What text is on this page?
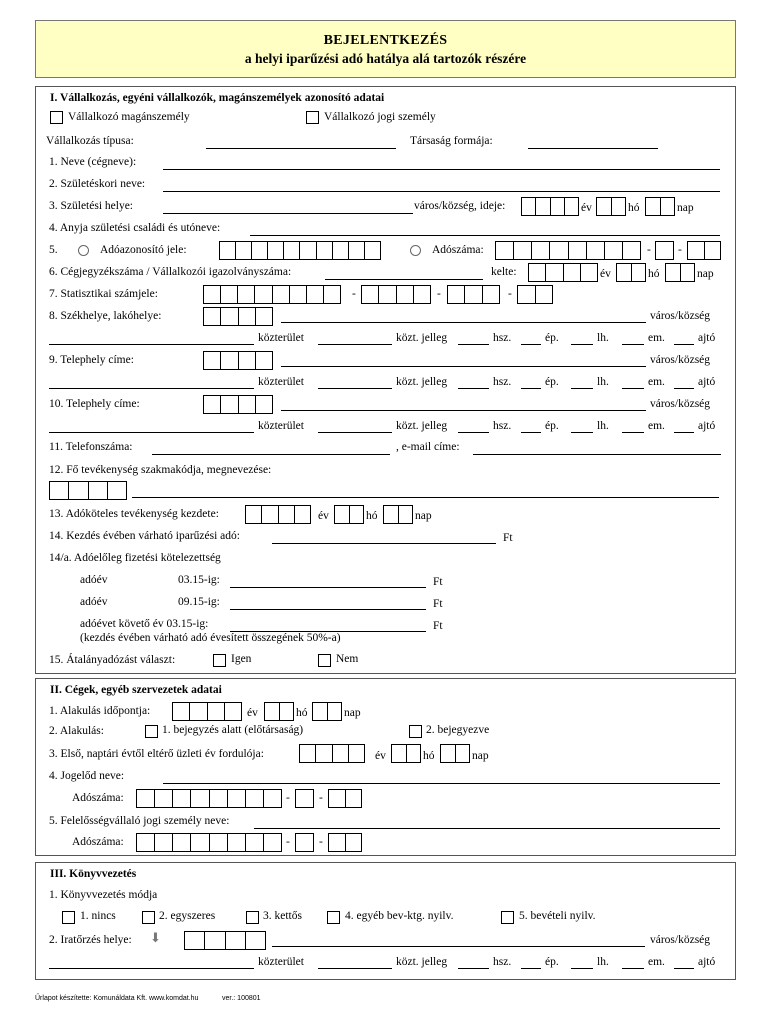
BEJELENTKEZÉS
a helyi iparűzési adó hatálya alá tartozók részére
I. Vállalkozás, egyéni vállalkozók, magánszemélyek azonosító adatai
Vállalkozó magánszemély	Vállalkozó jogi személy
Vállalkozás típusa:	Társaság formája:
1. Neve (cégneve):
2. Születéskori neve:
3. Születési helye:	város/község, ideje:	év	hó	nap
4. Anyja születési családi és utóneve:
5.	Adóazonosító jele:	Adószáma:	- -
6. Cégjegyzékszáma / Vállalkozói igazolványszáma:	kelte:	év	hó	nap
7. Statisztikai számjele:	-	-	-
8. Székhelye, lakóhelye:	város/község
közterület	közt. jelleg	hsz.	ép.	lh.	em.	ajtó
9. Telephely címe:	város/község
közterület	közt. jelleg	hsz.	ép.	lh.	em.	ajtó
10. Telephely címe:	város/község
közterület	közt. jelleg	hsz.	ép.	lh.	em.	ajtó
11. Telefonszáma:	, e-mail címe:
12. Fő tevékenység szakmakódja, megnevezése:
13. Adóköteles tevékenység kezdete:	év	hó	nap
14. Kezdés évében várható iparűzési adó:	Ft
14/a. Adóelőleg fizetési kötelezettség
adóév	03.15-ig:	Ft
adóév	09.15-ig:	Ft
adóévet követő év 03.15-ig:	Ft
(kezdés évében várható adó évesített összegének 50%-a)
15. Átalányadózást választ:	Igen	Nem
II. Cégek, egyéb szervezetek adatai
1. Alakulás időpontja:	év	hó	nap
2. Alakulás:	1. bejegyzés alatt (előtársaság)	2. bejegyezve
3. Első, naptári évtől eltérő üzleti év fordulója:	év	hó	nap
4. Jogelőd neve:
Adószáma:	-	-
5. Felelősségvállaló jogi személy neve:
Adószáma:	-	-
III. Könyvvezetés
1. Könyvvezetés módja
1. nincs	2. egyszeres	3. kettős	4. egyéb bev-ktg. nyilv.	5. bevételi nyilv.
2. Iratőrzés helye: ⬇	város/község
közterület	közt. jelleg	hsz.	ép.	lh.	em.	ajtó
Űrlapot készítette: Komunáldata Kft. www.komdat.hu	ver.: 100801
